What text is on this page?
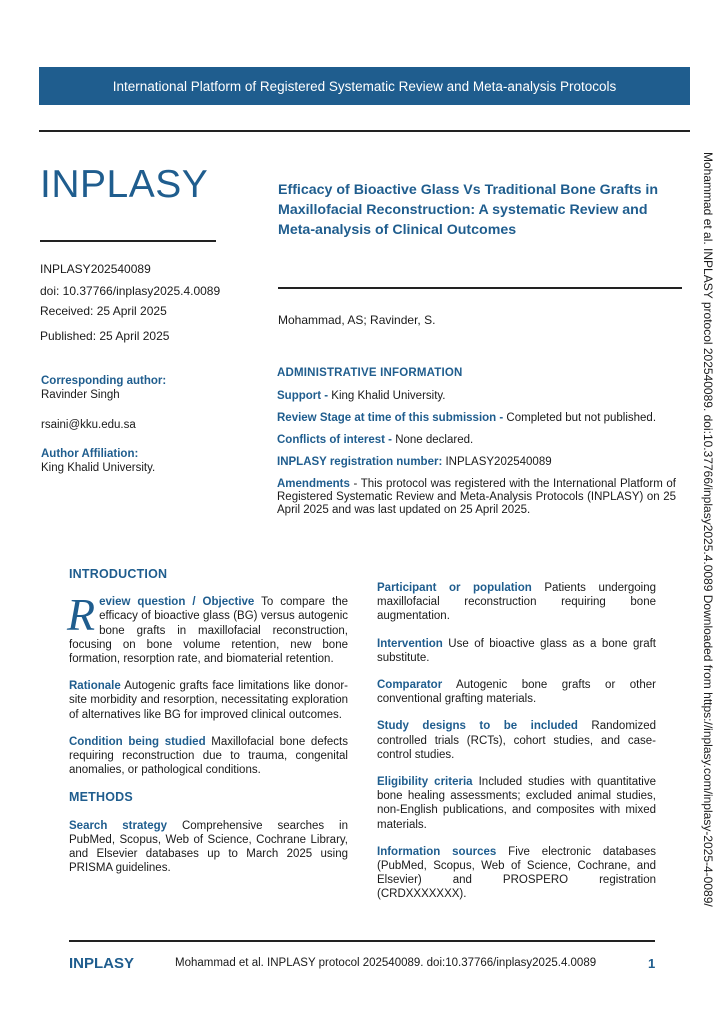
International Platform of Registered Systematic Review and Meta-analysis Protocols
INPLASY
INPLASY202540089
doi: 10.37766/inplasy2025.4.0089
Received: 25 April 2025
Published: 25 April 2025
Corresponding author:
Ravinder Singh
rsaini@kku.edu.sa
Author Affiliation:
King Khalid University.
Efficacy of Bioactive Glass Vs Traditional Bone Grafts in Maxillofacial Reconstruction: A systematic Review and Meta-analysis of Clinical Outcomes
Mohammad, AS; Ravinder, S.
ADMINISTRATIVE INFORMATION

Support - King Khalid University.

Review Stage at time of this submission - Completed but not published.

Conflicts of interest - None declared.

INPLASY registration number: INPLASY202540089

Amendments - This protocol was registered with the International Platform of Registered Systematic Review and Meta-Analysis Protocols (INPLASY) on 25 April 2025 and was last updated on 25 April 2025.

INTRODUCTION

Review question / Objective To compare the efficacy of bioactive glass (BG) versus autogenic bone grafts in maxillofacial reconstruction, focusing on bone volume retention, new bone formation, resorption rate, and biomaterial retention.

Rationale Autogenic grafts face limitations like donor-site morbidity and resorption, necessitating exploration of alternatives like BG for improved clinical outcomes.

Condition being studied Maxillofacial bone defects requiring reconstruction due to trauma, congenital anomalies, or pathological conditions.

METHODS

Search strategy Comprehensive searches in PubMed, Scopus, Web of Science, Cochrane Library, and Elsevier databases up to March 2025 using PRISMA guidelines.

Participant or population Patients undergoing maxillofacial reconstruction requiring bone augmentation.

Intervention Use of bioactive glass as a bone graft substitute.

Comparator Autogenic bone grafts or other conventional grafting materials.

Study designs to be included Randomized controlled trials (RCTs), cohort studies, and case-control studies.

Eligibility criteria Included studies with quantitative bone healing assessments; excluded animal studies, non-English publications, and composites with mixed materials.

Information sources Five electronic databases (PubMed, Scopus, Web of Science, Cochrane, and Elsevier) and PROSPERO registration (CRDXXXXXXX).

INPLASY	Mohammad et al. INPLASY protocol 202540089. doi:10.37766/inplasy2025.4.0089	1
Mohammad et al. INPLASY protocol 202540089. doi:10.37766/inplasy2025.4.0089 Downloaded from https://inplasy.com/inplasy-2025-4-0089/
